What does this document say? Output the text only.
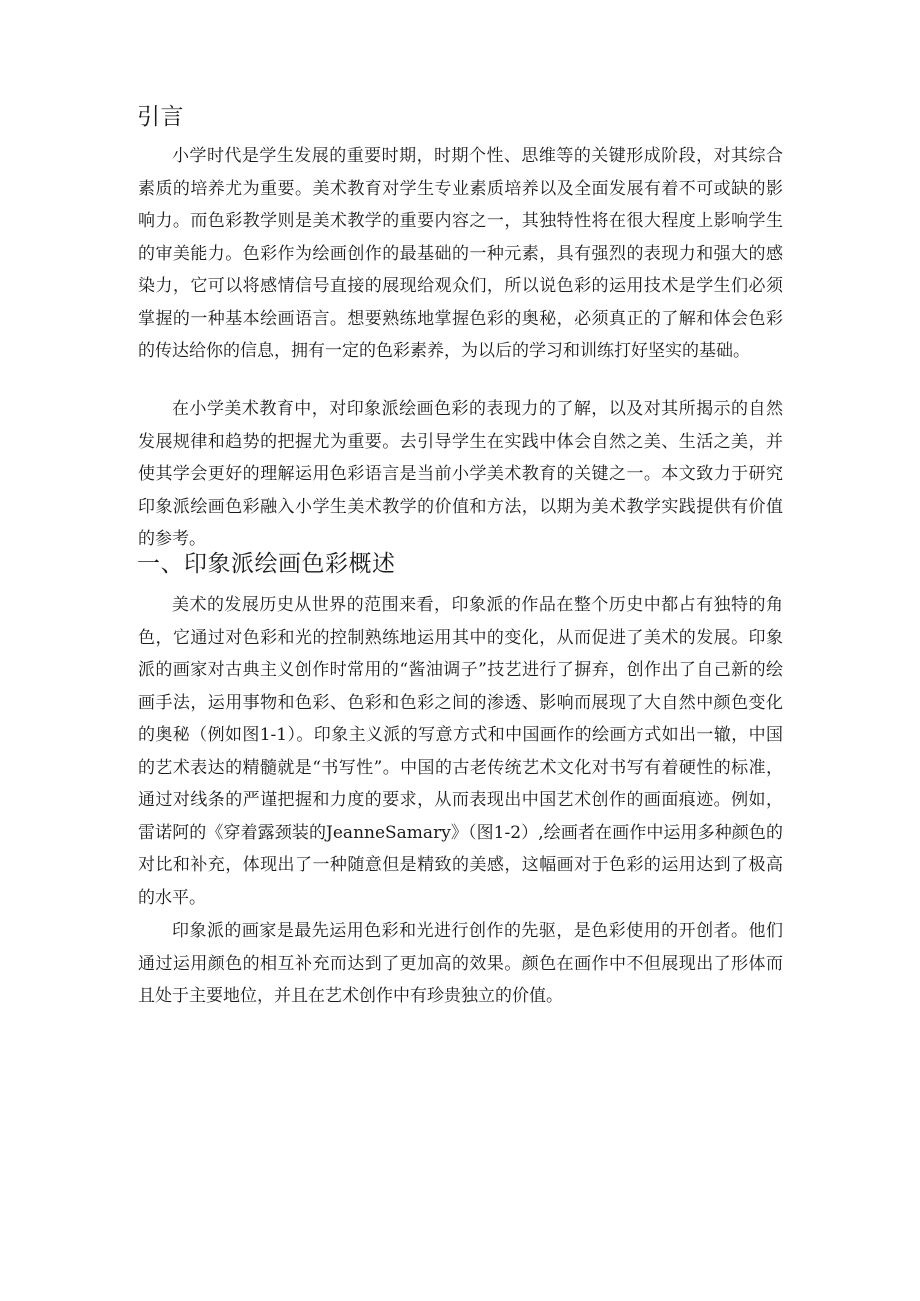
引言

小学时代是学生发展的重要时期，时期个性、思维等的关键形成阶段，对其综合素质的培养尤为重要。美术教育对学生专业素质培养以及全面发展有着不可或缺的影响力。而色彩教学则是美术教学的重要内容之一，其独特性将在很大程度上影响学生的审美能力。色彩作为绘画创作的最基础的一种元素，具有强烈的表现力和强大的感染力，它可以将感情信号直接的展现给观众们，所以说色彩的运用技术是学生们必须掌握的一种基本绘画语言。想要熟练地掌握色彩的奥秘，必须真正的了解和体会色彩的传达给你的信息，拥有一定的色彩素养，为以后的学习和训练打好坚实的基础。

在小学美术教育中，对印象派绘画色彩的表现力的了解，以及对其所揭示的自然发展规律和趋势的把握尤为重要。去引导学生在实践中体会自然之美、生活之美，并使其学会更好的理解运用色彩语言是当前小学美术教育的关键之一。本文致力于研究印象派绘画色彩融入小学生美术教学的价值和方法，以期为美术教学实践提供有价值的参考。

一、印象派绘画色彩概述

美术的发展历史从世界的范围来看，印象派的作品在整个历史中都占有独特的角色，它通过对色彩和光的控制熟练地运用其中的变化，从而促进了美术的发展。印象派的画家对古典主义创作时常用的“酱油调子”技艺进行了摒弃，创作出了自己新的绘画手法，运用事物和色彩、色彩和色彩之间的渗透、影响而展现了大自然中颜色变化的奥秘（例如图1-1）。印象主义派的写意方式和中国画作的绘画方式如出一辙，中国的艺术表达的精髓就是“书写性”。中国的古老传统艺术文化对书写有着硬性的标准，通过对线条的严谨把握和力度的要求，从而表现出中国艺术创作的画面痕迹。例如，雷诺阿的《穿着露颈装的JeanneSamary》（图1-2）,绘画者在画作中运用多种颜色的对比和补充，体现出了一种随意但是精致的美感，这幅画对于色彩的运用达到了极高的水平。

印象派的画家是最先运用色彩和光进行创作的先驱，是色彩使用的开创者。他们通过运用颜色的相互补充而达到了更加高的效果。颜色在画作中不但展现出了形体而且处于主要地位，并且在艺术创作中有珍贵独立的价值。
